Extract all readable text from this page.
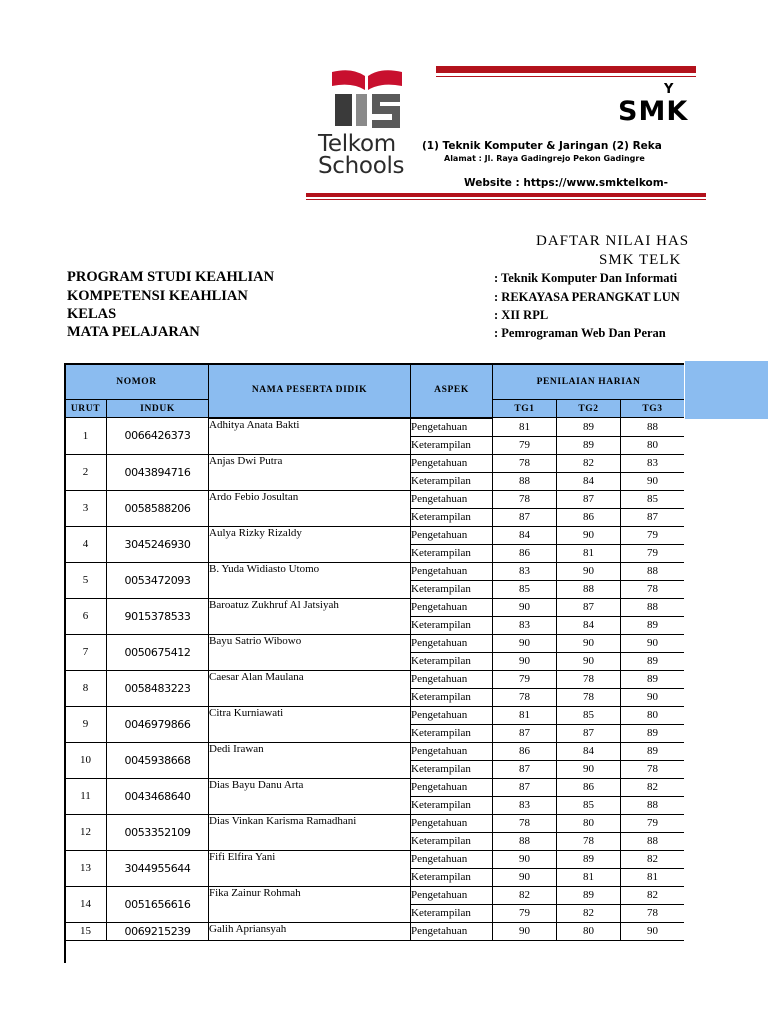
Telkom
Schools
Y
SMK
(1) Teknik Komputer & Jaringan (2) Reka
Alamat : Jl. Raya Gadingrejo Pekon Gadingre
Website : https://www.smktelkom-
DAFTAR NILAI HAS
SMK TELK
PROGRAM STUDI KEAHLIAN	: Teknik Komputer Dan Informati
KOMPETENSI KEAHLIAN	: REKAYASA PERANGKAT LUN
KELAS	: XII RPL
MATA PELAJARAN	: Pemrograman Web Dan Peran
NOMOR		NAMA PESERTA DIDIK	ASPEK	PENILAIAN HARIAN		
URUT	INDUK			TG1	TG2	TG3
1	0066426373	Adhitya Anata Bakti	Pengetahuan	81	89	88
			Keterampilan	79	89	80
2	0043894716	Anjas Dwi Putra	Pengetahuan	78	82	83
			Keterampilan	88	84	90
3	0058588206	Ardo Febio Josultan	Pengetahuan	78	87	85
			Keterampilan	87	86	87
4	3045246930	Aulya Rizky Rizaldy	Pengetahuan	84	90	79
			Keterampilan	86	81	79
5	0053472093	B. Yuda Widiasto Utomo	Pengetahuan	83	90	88
			Keterampilan	85	88	78
6	9015378533	Baroatuz Zukhruf Al Jatsiyah	Pengetahuan	90	87	88
			Keterampilan	83	84	89
7	0050675412	Bayu Satrio Wibowo	Pengetahuan	90	90	90
			Keterampilan	90	90	89
8	0058483223	Caesar Alan Maulana	Pengetahuan	79	78	89
			Keterampilan	78	78	90
9	0046979866	Citra Kurniawati	Pengetahuan	81	85	80
			Keterampilan	87	87	89
10	0045938668	Dedi Irawan	Pengetahuan	86	84	89
			Keterampilan	87	90	78
11	0043468640	Dias Bayu Danu Arta	Pengetahuan	87	86	82
			Keterampilan	83	85	88
12	0053352109	Dias Vinkan Karisma Ramadhani	Pengetahuan	78	80	79
			Keterampilan	88	78	88
13	3044955644	Fifi Elfira Yani	Pengetahuan	90	89	82
			Keterampilan	90	81	81
14	0051656616	Fika Zainur Rohmah	Pengetahuan	82	89	82
			Keterampilan	79	82	78
15	0069215239	Galih Apriansyah	Pengetahuan	90	80	90
